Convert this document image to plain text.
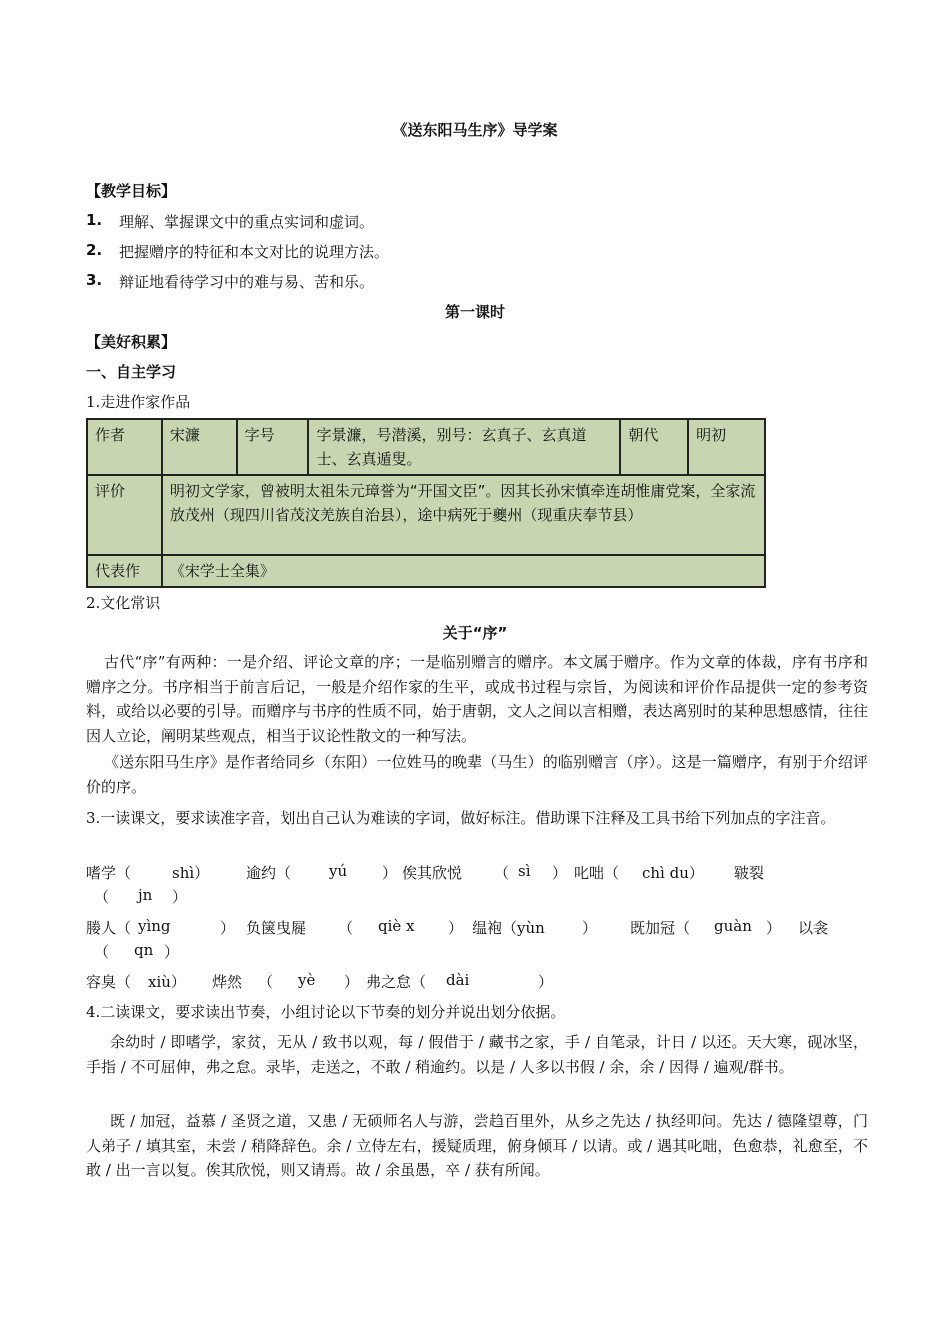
《送东阳马生序》导学案
【教学目标】
1. 理解、掌握课文中的重点实词和虚词。
2. 把握赠序的特征和本文对比的说理方法。
3. 辩证地看待学习中的难与易、苦和乐。
第一课时
【美好积累】
一、自主学习
1.走进作家作品
作者	宋濂	字号	字景濂，号潜溪，别号：玄真子、玄真道士、玄真遁叟。	朝代	明初
评价	明初文学家，曾被明太祖朱元璋誉为“开国文臣”。因其长孙宋慎牵连胡惟庸党案，全家流放茂州（现四川省茂汶羌族自治县），途中病死于夔州（现重庆奉节县）				
代表作	《宋学士全集》				
2.文化常识
关于“序”
古代“序”有两种：一是介绍、评论文章的序；一是临别赠言的赠序。本文属于赠序。作为文章的体裁，序有书序和赠序之分。书序相当于前言后记，一般是介绍作家的生平，或成书过程与宗旨，为阅读和评价作品提供一定的参考资料，或给以必要的引导。而赠序与书序的性质不同，始于唐朝，文人之间以言相赠，表达离别时的某种思想感情，往往因人立论，阐明某些观点，相当于议论性散文的一种写法。
《送东阳马生序》是作者给同乡（东阳）一位姓马的晚辈（马生）的临别赠言（序）。这是一篇赠序，有别于介绍评价的序。
3.一读课文，要求读准字音，划出自己认为难读的字词，做好标注。借助课下注释及工具书给下列加点的字注音。
嗜学（	shì） 逾约（	yú ） 俟其欣悦 （ sì ） 叱咄（ chì du） 皲裂
（ jn ）
媵人（ yìng	） 负箧曳屣 （ qiè x ） 缊袍（yùn ） 既加冠（ guàn ） 以衾
（ qn ）
容臭（ xiù） 烨然 （ yè ） 弗之怠（ dài	）
4.二读课文，要求读出节奏，小组讨论以下节奏的划分并说出划分依据。
余幼时 / 即嗜学，家贫，无从 / 致书以观，每 / 假借于 / 藏书之家，手 / 自笔录，计日 / 以还。天大寒，砚冰坚，手指 / 不可屈伸，弗之怠。录毕，走送之，不敢 / 稍逾约。以是 / 人多以书假 / 余，余 / 因得 / 遍观/群书。
既 / 加冠，益慕 / 圣贤之道，又患 / 无硕师名人与游，尝趋百里外，从乡之先达 / 执经叩问。先达 / 德隆望尊，门人弟子 / 填其室，未尝 / 稍降辞色。余 / 立侍左右，援疑质理，俯身倾耳 / 以请。或 / 遇其叱咄，色愈恭，礼愈至，不敢 / 出一言以复。俟其欣悦，则又请焉。故 / 余虽愚，卒 / 获有所闻。
